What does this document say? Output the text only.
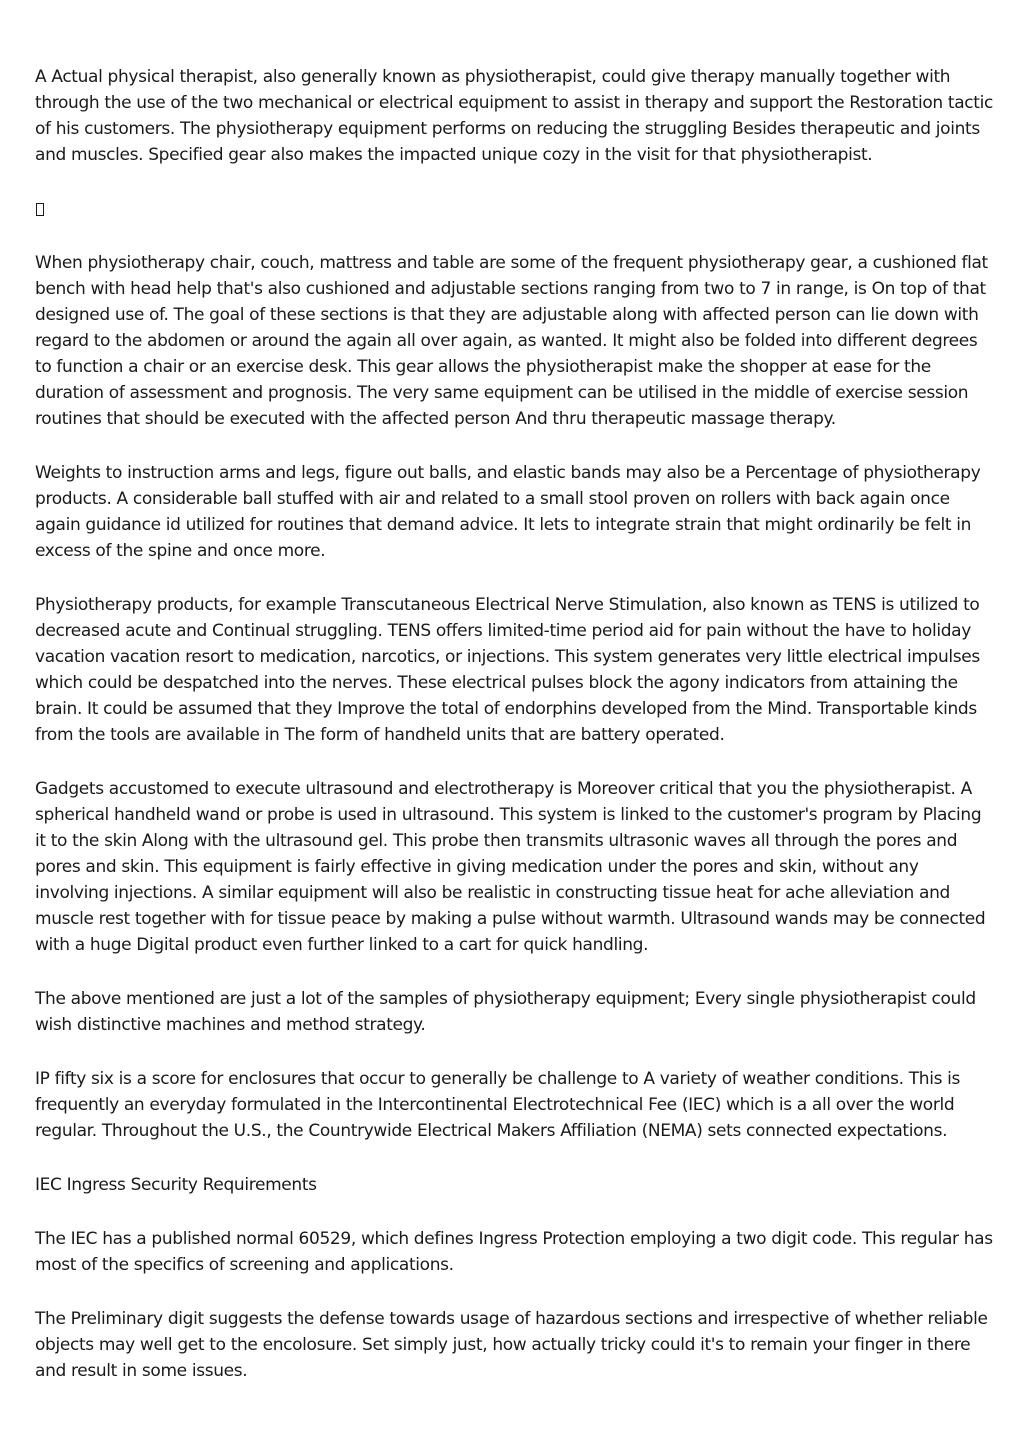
A Actual physical therapist, also generally known as physiotherapist, could give therapy manually together with through the use of the two mechanical or electrical equipment to assist in therapy and support the Restoration tactic of his customers. The physiotherapy equipment performs on reducing the struggling Besides therapeutic and joints and muscles. Specified gear also makes the impacted unique cozy in the visit for that physiotherapist.

When physiotherapy chair, couch, mattress and table are some of the frequent physiotherapy gear, a cushioned flat bench with head help that's also cushioned and adjustable sections ranging from two to 7 in range, is On top of that designed use of. The goal of these sections is that they are adjustable along with affected person can lie down with regard to the abdomen or around the again all over again, as wanted. It might also be folded into different degrees to function a chair or an exercise desk. This gear allows the physiotherapist make the shopper at ease for the duration of assessment and prognosis. The very same equipment can be utilised in the middle of exercise session routines that should be executed with the affected person And thru therapeutic massage therapy.

Weights to instruction arms and legs, figure out balls, and elastic bands may also be a Percentage of physiotherapy products. A considerable ball stuffed with air and related to a small stool proven on rollers with back again once again guidance id utilized for routines that demand advice. It lets to integrate strain that might ordinarily be felt in excess of the spine and once more.

Physiotherapy products, for example Transcutaneous Electrical Nerve Stimulation, also known as TENS is utilized to decreased acute and Continual struggling. TENS offers limited-time period aid for pain without the have to holiday vacation vacation resort to medication, narcotics, or injections. This system generates very little electrical impulses which could be despatched into the nerves. These electrical pulses block the agony indicators from attaining the brain. It could be assumed that they Improve the total of endorphins developed from the Mind. Transportable kinds from the tools are available in The form of handheld units that are battery operated.

Gadgets accustomed to execute ultrasound and electrotherapy is Moreover critical that you the physiotherapist. A spherical handheld wand or probe is used in ultrasound. This system is linked to the customer's program by Placing it to the skin Along with the ultrasound gel. This probe then transmits ultrasonic waves all through the pores and pores and skin. This equipment is fairly effective in giving medication under the pores and skin, without any involving injections. A similar equipment will also be realistic in constructing tissue heat for ache alleviation and muscle rest together with for tissue peace by making a pulse without warmth. Ultrasound wands may be connected with a huge Digital product even further linked to a cart for quick handling.

The above mentioned are just a lot of the samples of physiotherapy equipment; Every single physiotherapist could wish distinctive machines and method strategy.

IP fifty six is a score for enclosures that occur to generally be challenge to A variety of weather conditions. This is frequently an everyday formulated in the Intercontinental Electrotechnical Fee (IEC) which is a all over the world regular. Throughout the U.S., the Countrywide Electrical Makers Affiliation (NEMA) sets connected expectations.

IEC Ingress Security Requirements

The IEC has a published normal 60529, which defines Ingress Protection employing a two digit code. This regular has most of the specifics of screening and applications.

The Preliminary digit suggests the defense towards usage of hazardous sections and irrespective of whether reliable objects may well get to the encolosure. Set simply just, how actually tricky could it's to remain your finger in there and result in some issues.
